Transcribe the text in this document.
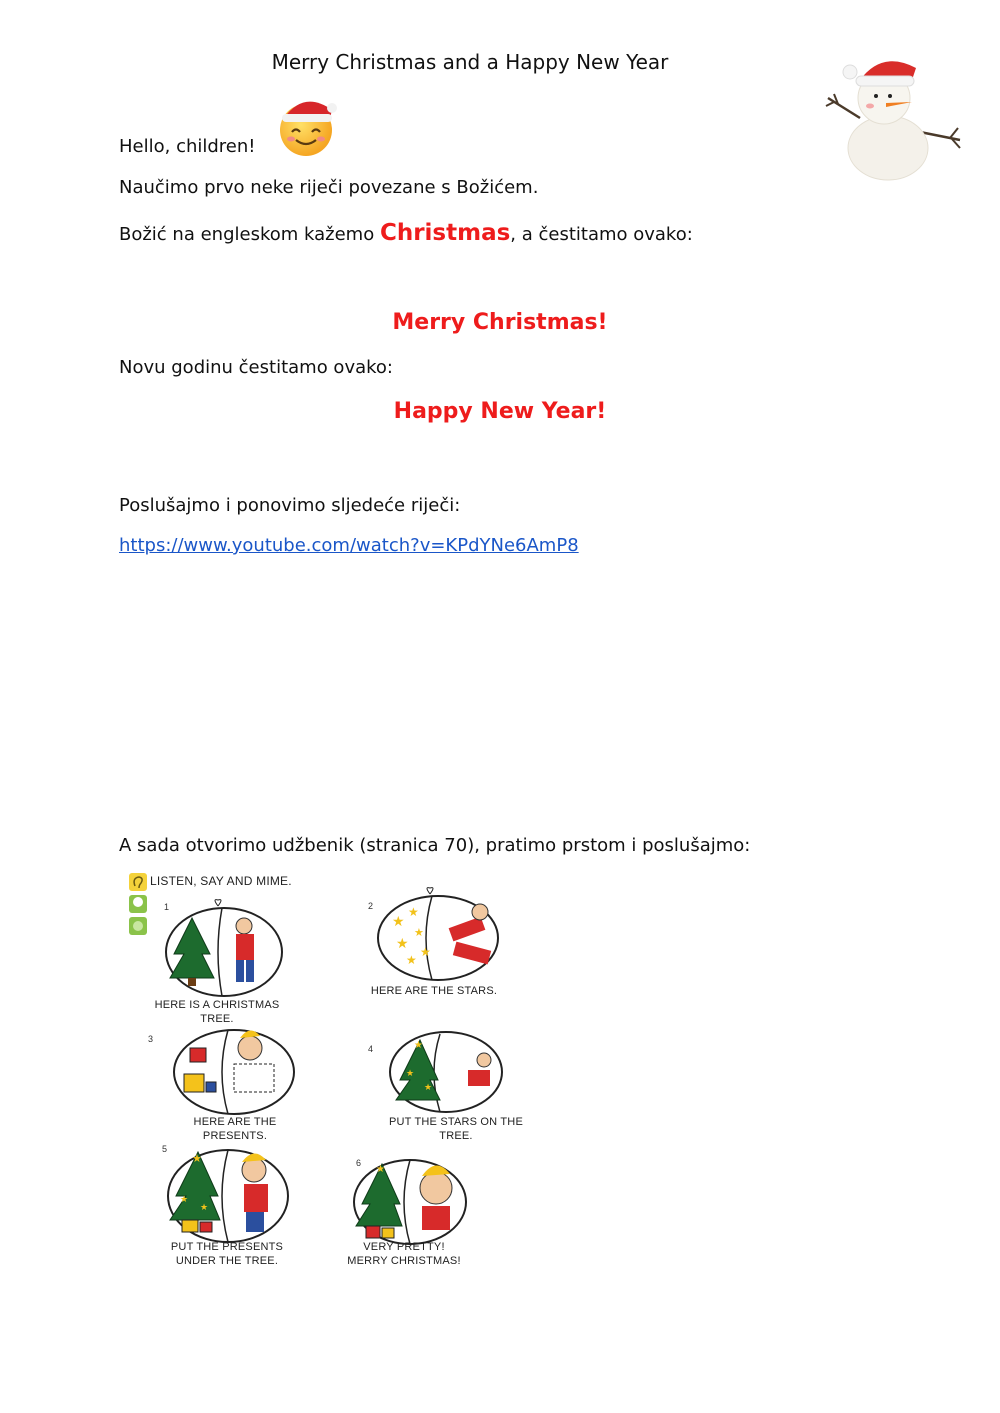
Merry Christmas and a Happy New Year
Hello, children!
Naučimo prvo neke riječi povezane s Božićem.
Božić na engleskom kažemo Christmas, a čestitamo ovako:
Merry Christmas!
Novu godinu čestitamo ovako:
Happy New Year!
Poslušajmo i ponovimo sljedeće riječi:
https://www.youtube.com/watch?v=KPdYNe6AmP8
A sada otvorimo udžbenik (stranica 70), pratimo prstom i poslušajmo:
LISTEN, SAY AND MIME.
1
HERE IS A CHRISTMAS TREE.
2
★
★
★
★
★
★
HERE ARE THE STARS.
3
HERE ARE THE PRESENTS.
4	★
★
★
PUT THE STARS ON THE TREE.
5
★
★
★
PUT THE PRESENTS
UNDER THE TREE.
6
★
VERY PRETTY!
MERRY CHRISTMAS!
